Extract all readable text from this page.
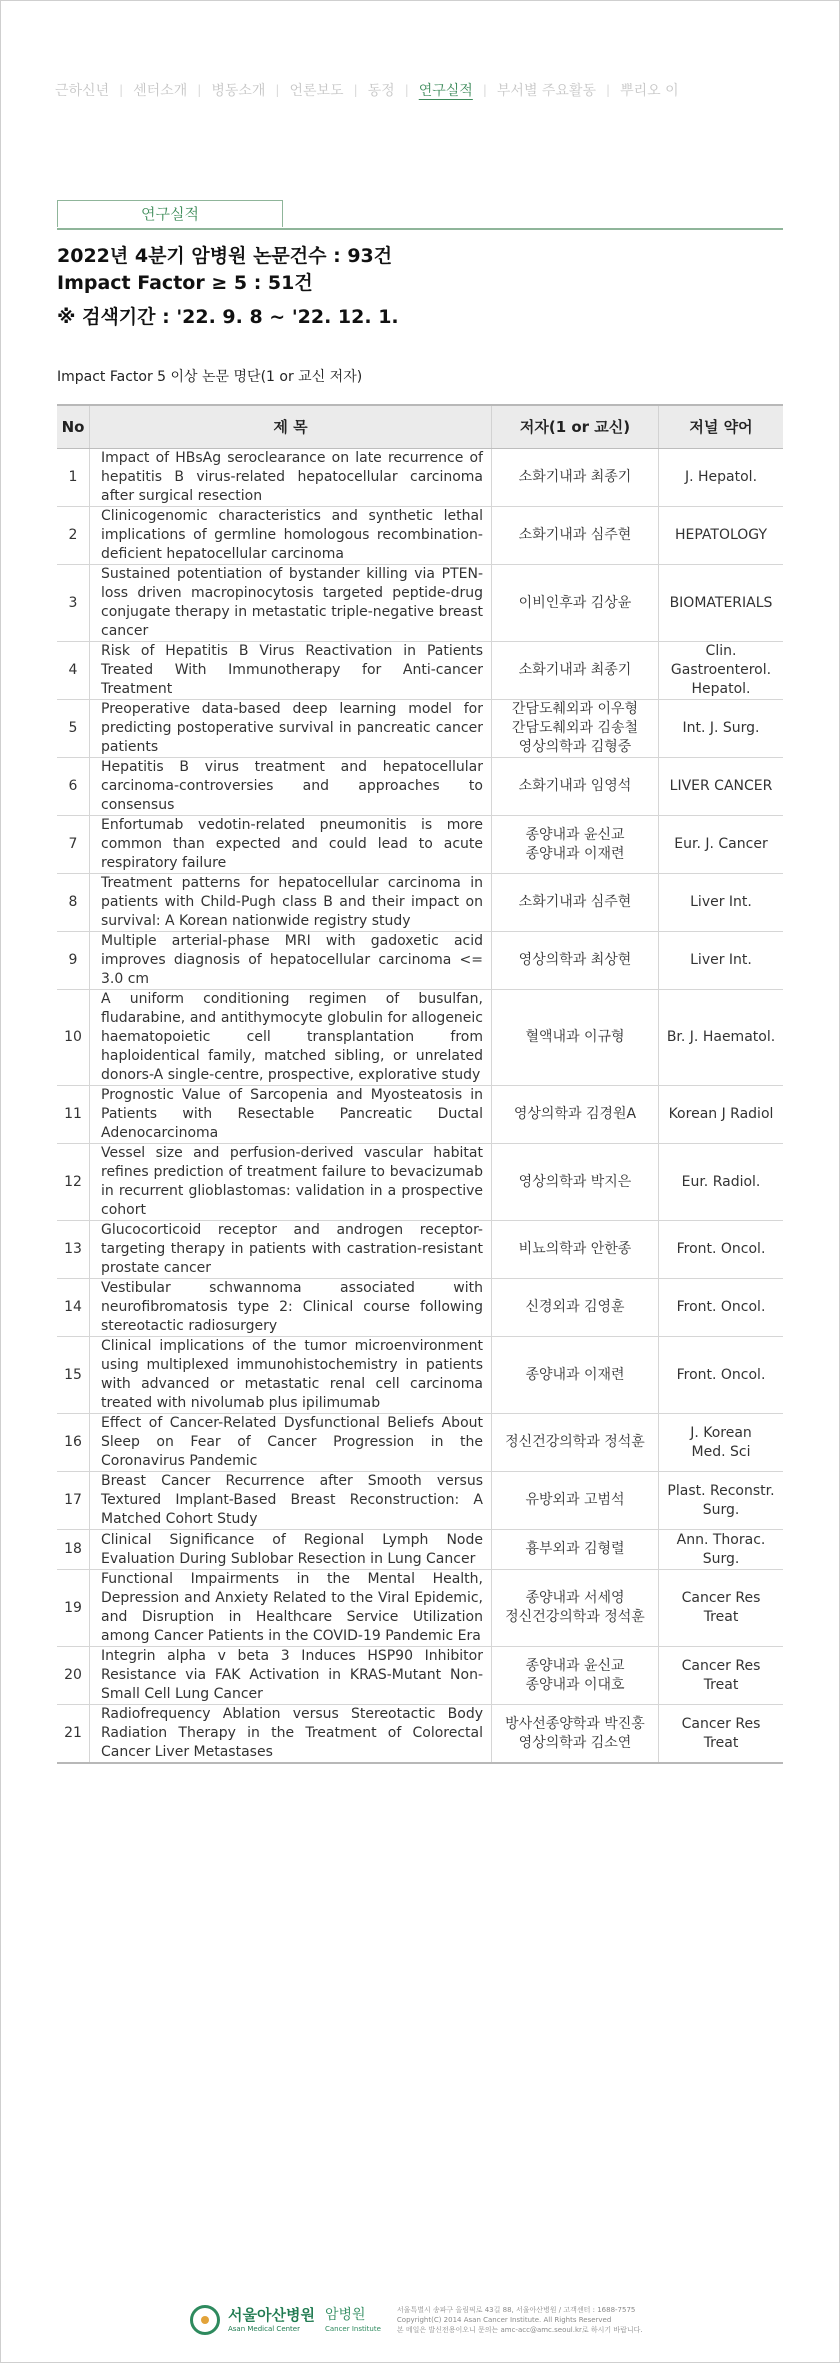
근하신년 | 센터소개 | 병동소개 | 언론보도 | 동정 | 연구실적 | 부서별 주요활동 | 뿌리오 이
연구실적
2022년 4분기 암병원 논문건수 : 93건
Impact Factor ≥ 5 : 51건
※ 검색기간 : '22. 9. 8 ~ '22. 12. 1.
Impact Factor 5 이상 논문 명단(1 or 교신 저자)
No	제 목	저자(1 or 교신)	저널 약어
1	Impact of HBsAg seroclearance on late recurrence of hepatitis B virus-related hepatocellular carcinoma after surgical resection	소화기내과 최종기	J. Hepatol.
2	Clinicogenomic characteristics and synthetic lethal implications of germline homologous recombination-deficient hepatocellular carcinoma	소화기내과 심주현	HEPATOLOGY
3	Sustained potentiation of bystander killing via PTEN-loss driven macropinocytosis targeted peptide-drug conjugate therapy in metastatic triple-negative breast cancer	이비인후과 김상윤	BIOMATERIALS
4	Risk of Hepatitis B Virus Reactivation in Patients Treated With Immunotherapy for Anti-cancer Treatment	소화기내과 최종기	Clin.
Gastroenterol.
Hepatol.
5	Preoperative data-based deep learning model for predicting postoperative survival in pancreatic cancer patients	간담도췌외과 이우형
간담도췌외과 김송철
영상의학과 김형중	Int. J. Surg.
6	Hepatitis B virus treatment and hepatocellular carcinoma-controversies and approaches to consensus	소화기내과 임영석	LIVER CANCER
7	Enfortumab vedotin-related pneumonitis is more common than expected and could lead to acute respiratory failure	종양내과 윤신교
종양내과 이재련	Eur. J. Cancer
8	Treatment patterns for hepatocellular carcinoma in patients with Child-Pugh class B and their impact on survival: A Korean nationwide registry study	소화기내과 심주현	Liver Int.
9	Multiple arterial-phase MRI with gadoxetic acid improves diagnosis of hepatocellular carcinoma <= 3.0 cm	영상의학과 최상현	Liver Int.
10	A uniform conditioning regimen of busulfan, fludarabine, and antithymocyte globulin for allogeneic haematopoietic cell transplantation from haploidentical family, matched sibling, or unrelated donors-A single-centre, prospective, explorative study	혈액내과 이규형	Br. J. Haematol.
11	Prognostic Value of Sarcopenia and Myosteatosis in Patients with Resectable Pancreatic Ductal Adenocarcinoma	영상의학과 김경원A	Korean J Radiol
12	Vessel size and perfusion-derived vascular habitat refines prediction of treatment failure to bevacizumab in recurrent glioblastomas: validation in a prospective cohort	영상의학과 박지은	Eur. Radiol.
13	Glucocorticoid receptor and androgen receptor-targeting therapy in patients with castration-resistant prostate cancer	비뇨의학과 안한종	Front. Oncol.
14	Vestibular schwannoma associated with neurofibromatosis type 2: Clinical course following stereotactic radiosurgery	신경외과 김영훈	Front. Oncol.
15	Clinical implications of the tumor microenvironment using multiplexed immunohistochemistry in patients with advanced or metastatic renal cell carcinoma treated with nivolumab plus ipilimumab	종양내과 이재련	Front. Oncol.
16	Effect of Cancer-Related Dysfunctional Beliefs About Sleep on Fear of Cancer Progression in the Coronavirus Pandemic	정신건강의학과 정석훈	J. Korean
Med. Sci
17	Breast Cancer Recurrence after Smooth versus Textured Implant-Based Breast Reconstruction: A Matched Cohort Study	유방외과 고범석	Plast. Reconstr.
Surg.
18	Clinical Significance of Regional Lymph Node Evaluation During Sublobar Resection in Lung Cancer	흉부외과 김형렬	Ann. Thorac.
Surg.
19	Functional Impairments in the Mental Health, Depression and Anxiety Related to the Viral Epidemic, and Disruption in Healthcare Service Utilization among Cancer Patients in the COVID-19 Pandemic Era	종양내과 서세영
정신건강의학과 정석훈	Cancer Res
Treat
20	Integrin alpha v beta 3 Induces HSP90 Inhibitor Resistance via FAK Activation in KRAS-Mutant Non-Small Cell Lung Cancer	종양내과 윤신교
종양내과 이대호	Cancer Res
Treat
21	Radiofrequency Ablation versus Stereotactic Body Radiation Therapy in the Treatment of Colorectal Cancer Liver Metastases	방사선종양학과 박진홍
영상의학과 김소연	Cancer Res
Treat
서울아산병원
Asan Medical Center
암병원
Cancer Institute
서울특별시 송파구 올림픽로 43길 88, 서울아산병원 / 고객센터 : 1688-7575
Copyright(C) 2014 Asan Cancer Institute. All Rights Reserved
본 메일은 발신전용이오니 문의는 amc-acc@amc.seoul.kr로 하시기 바랍니다.
